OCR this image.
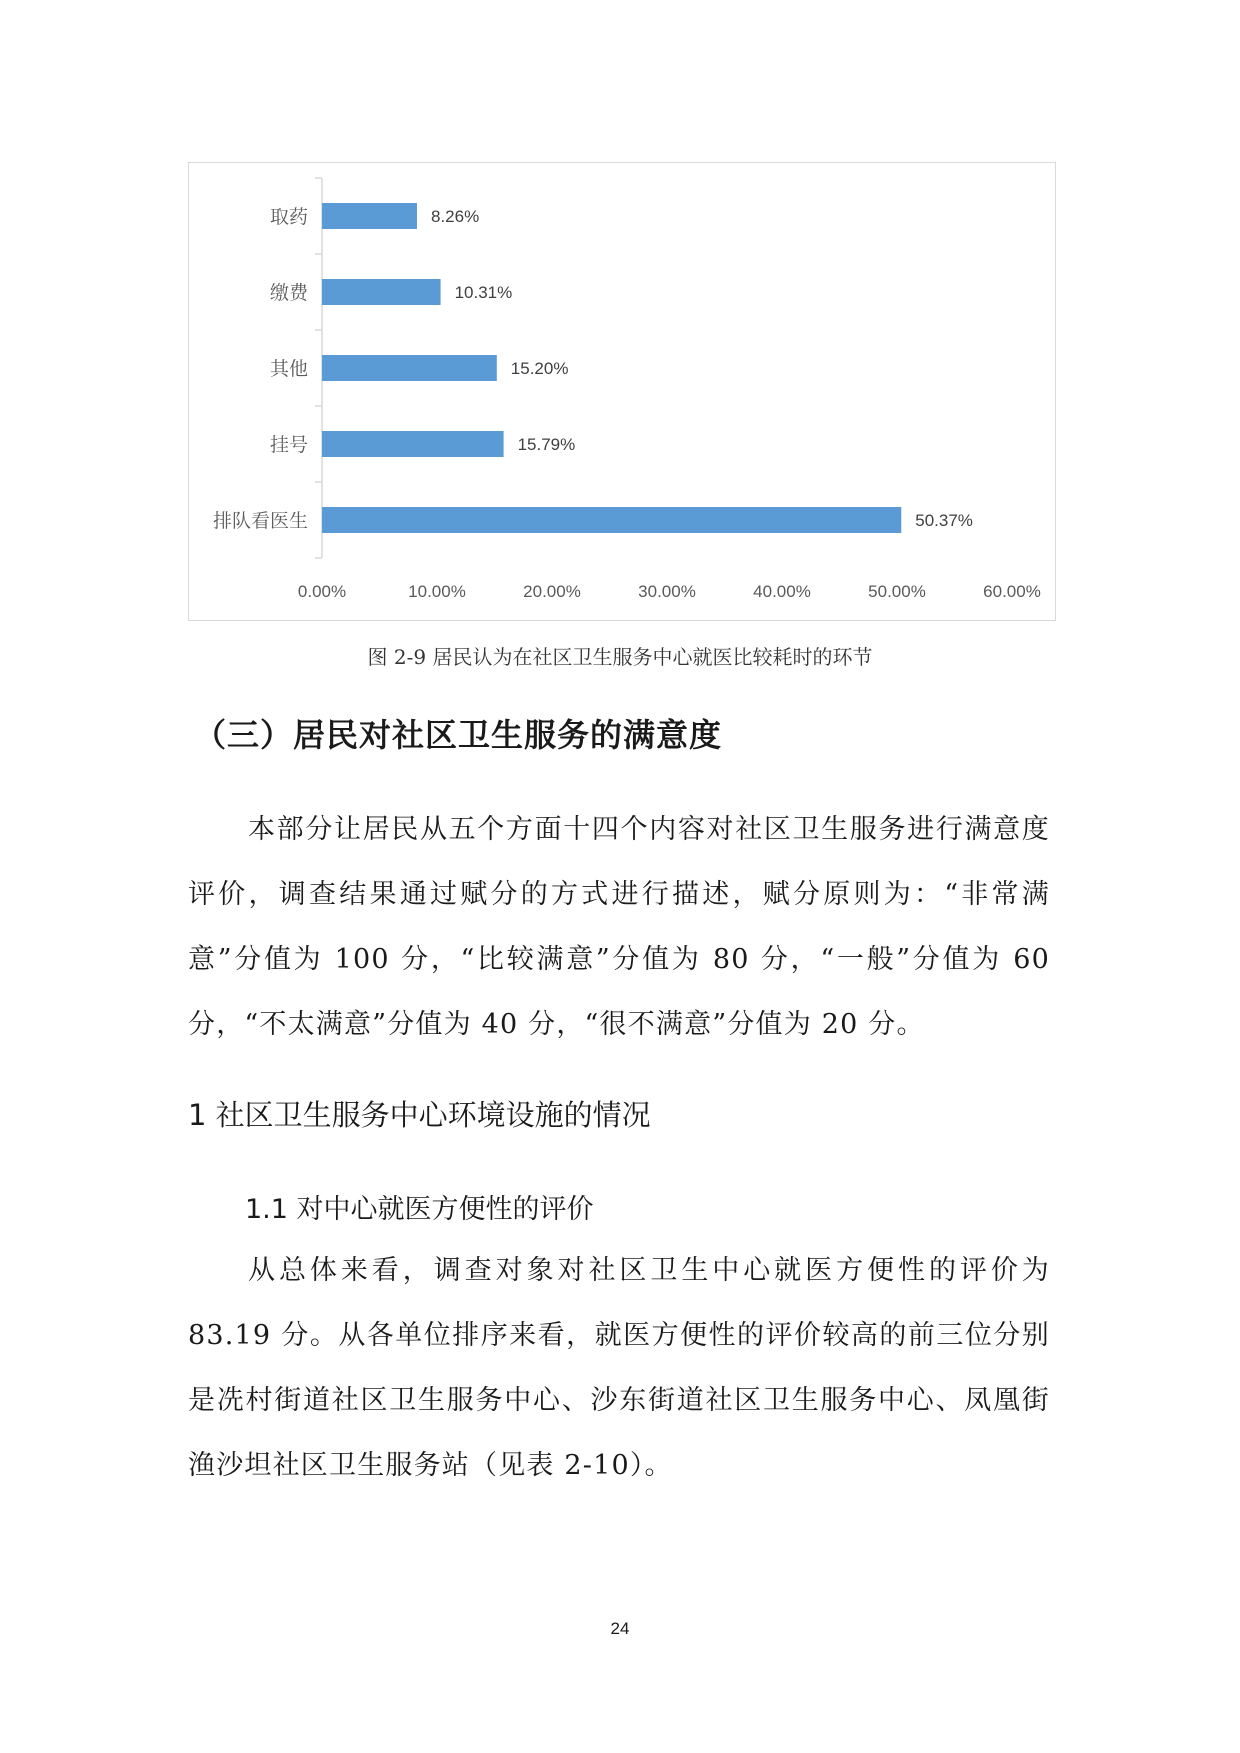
取药	8.26%
缴费	10.31%
其他	15.20%
挂号	15.79%
排队看医生	50.37%
0.00%	10.00%	20.00%	30.00%	40.00%	50.00%	60.00%
图 2-9 居民认为在社区卫生服务中心就医比较耗时的环节
（三）居民对社区卫生服务的满意度
本部分让居民从五个方面十四个内容对社区卫生服务进行满意度评价，调查结果通过赋分的方式进行描述，赋分原则为：“非常满意”分值为 100 分，“比较满意”分值为 80 分，“一般”分值为 60 分，“不太满意”分值为 40 分，“很不满意”分值为 20 分。
1 社区卫生服务中心环境设施的情况
1.1 对中心就医方便性的评价
从总体来看，调查对象对社区卫生中心就医方便性的评价为 83.19 分。从各单位排序来看，就医方便性的评价较高的前三位分别是冼村街道社区卫生服务中心、沙东街道社区卫生服务中心、凤凰街渔沙坦社区卫生服务站（见表 2-10）。
24
